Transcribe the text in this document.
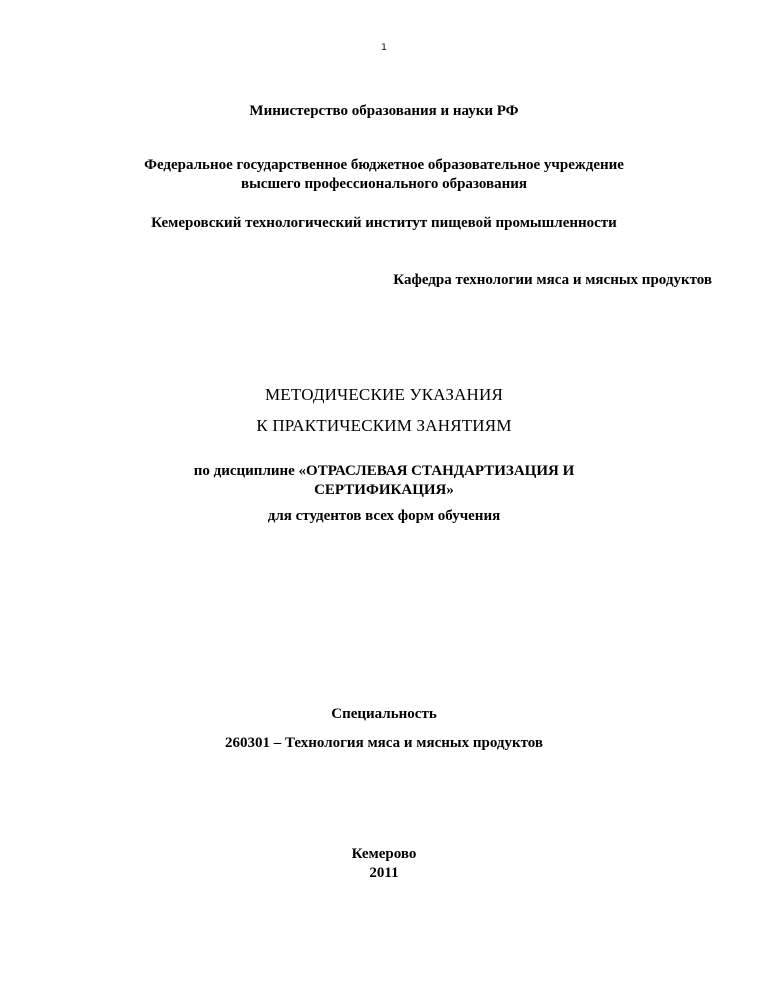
1
Министерство образования и науки РФ
Федеральное государственное бюджетное образовательное учреждение
высшего профессионального образования
Кемеровский технологический институт пищевой промышленности
Кафедра технологии мяса и мясных продуктов
МЕТОДИЧЕСКИЕ УКАЗАНИЯ
К ПРАКТИЧЕСКИМ ЗАНЯТИЯМ
по дисциплине «ОТРАСЛЕВАЯ СТАНДАРТИЗАЦИЯ И
СЕРТИФИКАЦИЯ»
для студентов всех форм обучения
Специальность
260301 – Технология мяса и мясных продуктов
Кемерово
2011
